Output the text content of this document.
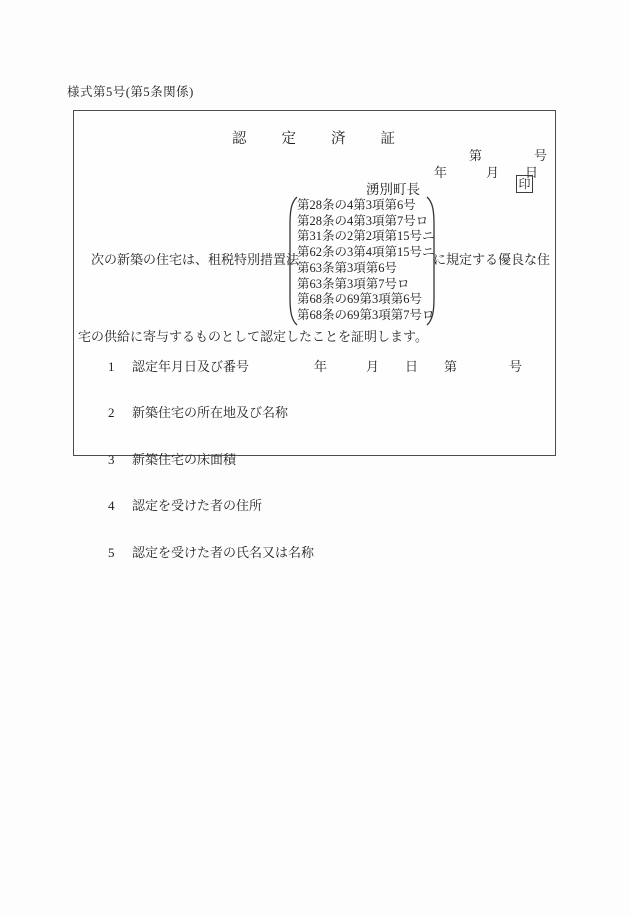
様式第5号(第5条関係)
認　　定　　済　　証
第　　　　号
年　　　月　　日
湧別町長	印
　次の新築の住宅は、租税特別措置法
第28条の4第3項第6号
第28条の4第3項第7号ロ
第31条の2第2項第15号ニ
第62条の3第4項第15号ニ
第63条第3項第6号
第63条第3項第7号ロ
第68条の69第3項第6号
第68条の69第3項第7号ロ
に規定する優良な住
宅の供給に寄与するものとして認定したことを証明します。

1 認定年月日及び番号　　　　　年　　　月　　日　　第　　　　号

2 新築住宅の所在地及び名称

3 新築住宅の床面積

4 認定を受けた者の住所

5 認定を受けた者の氏名又は名称
